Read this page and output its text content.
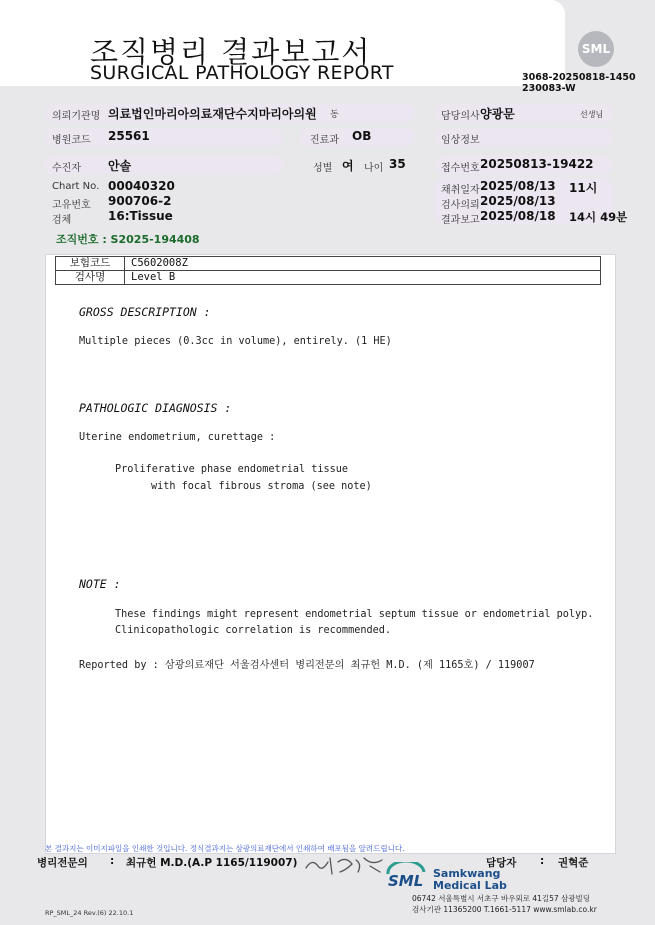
조직병리 결과보고서
SURGICAL PATHOLOGY REPORT
SML
3068-20250818-1450
230083-W
의뢰기관명 의료법인마리아의료재단수지마리아의원 동	담당의사 양광문	선생님
병원코드 25561	진료과 OB	임상정보
수진자 안솔	성별 여 나이 35	접수번호 20250813-19422
Chart No. 00040320
고유번호 900706-2
검체	16:Tissue
채취일자 2025/08/13 11시
검사의뢰 2025/08/13
결과보고 2025/08/18 14시 49분
조직번호 : S2025-194408
보험코드	C5602008Z
검사명	Level B
GROSS DESCRIPTION :
Multiple pieces (0.3cc in volume), entirely. (1 HE)
PATHOLOGIC DIAGNOSIS :
Uterine endometrium, curettage :
Proliferative phase endometrial tissue
with focal fibrous stroma (see note)
NOTE :
These findings might represent endometrial septum tissue or endometrial polyp.
Clinicopathologic correlation is recommended.
Reported by : 삼광의료재단 서울검사센터 병리전문의 최규헌 M.D. (제 1165호) / 119007
본 결과지는 이미지파일을 인쇄한 것입니다. 정식결과지는 삼광의료재단에서 인쇄하여 배포됨을 알려드립니다.
병리전문의 : 최규헌 M.D.(A.P 1165/119007)	담당자 : 권혁준
SML Samkwang
Medical Lab
06742 서울특별시 서초구 바우뫼로 41길57 삼광빌딩
검사기관 11365200 T.1661-5117 www.smlab.co.kr
RP_SML_24 Rev.(6) 22.10.1
